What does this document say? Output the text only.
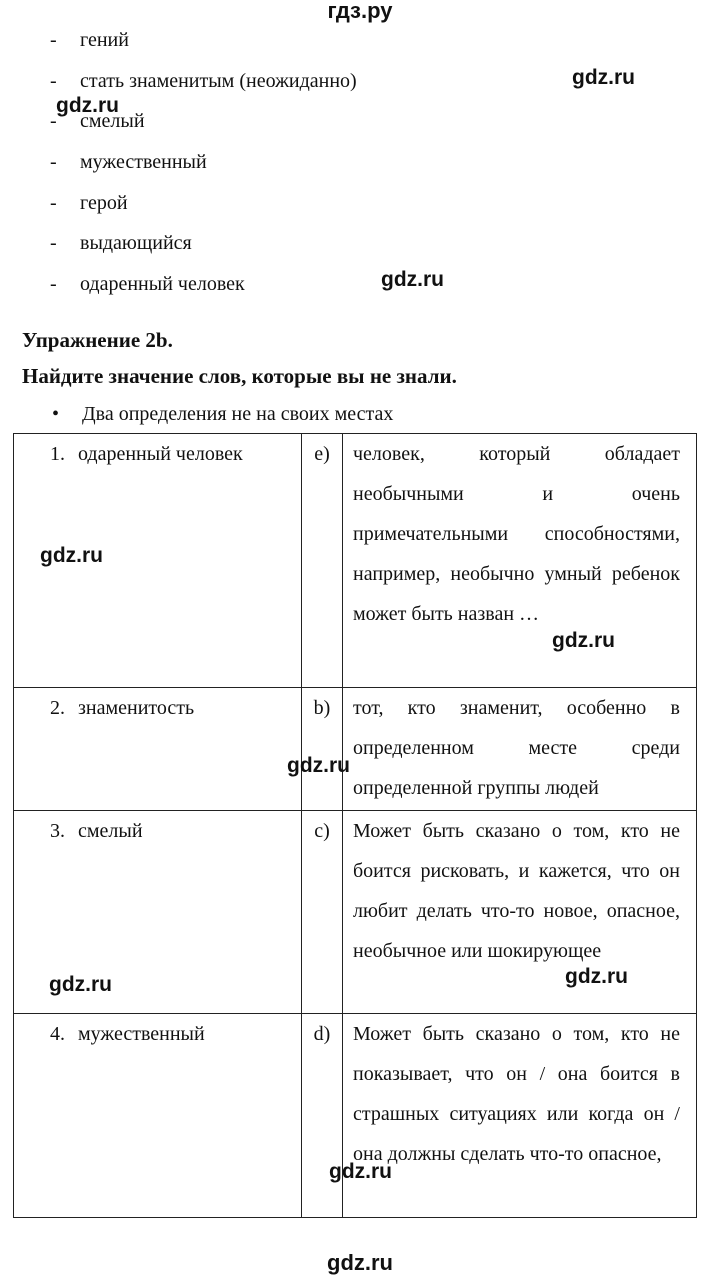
гдз.ру
- гений
- стать знаменитым (неожиданно)
- смелый
- мужественный
- герой
- выдающийся
- одаренный человек
Упражнение 2b.
Найдите значение слов, которые вы не знали.
• Два определения не на своих местах
1. одаренный человек	e)	человек, который обладает необычными и очень примечательными способностями, например, необычно умный ребенок может быть назван …
2. знаменитость	b)	тот, кто знаменит, особенно в определенном месте среди определенной группы людей
3. смелый	c)	Может быть сказано о том, кто не боится рисковать, и кажется, что он любит делать что-то новое, опасное, необычное или шокирующее
4. мужественный	d)	Может быть сказано о том, кто не показывает, что он / она боится в страшных ситуациях или когда он / она должны сделать что-то опасное,
gdz.ru
gdz.ru
gdz.ru
gdz.ru
gdz.ru
gdz.ru
gdz.ru	gdz.ru
gdz.ru
gdz.ru
